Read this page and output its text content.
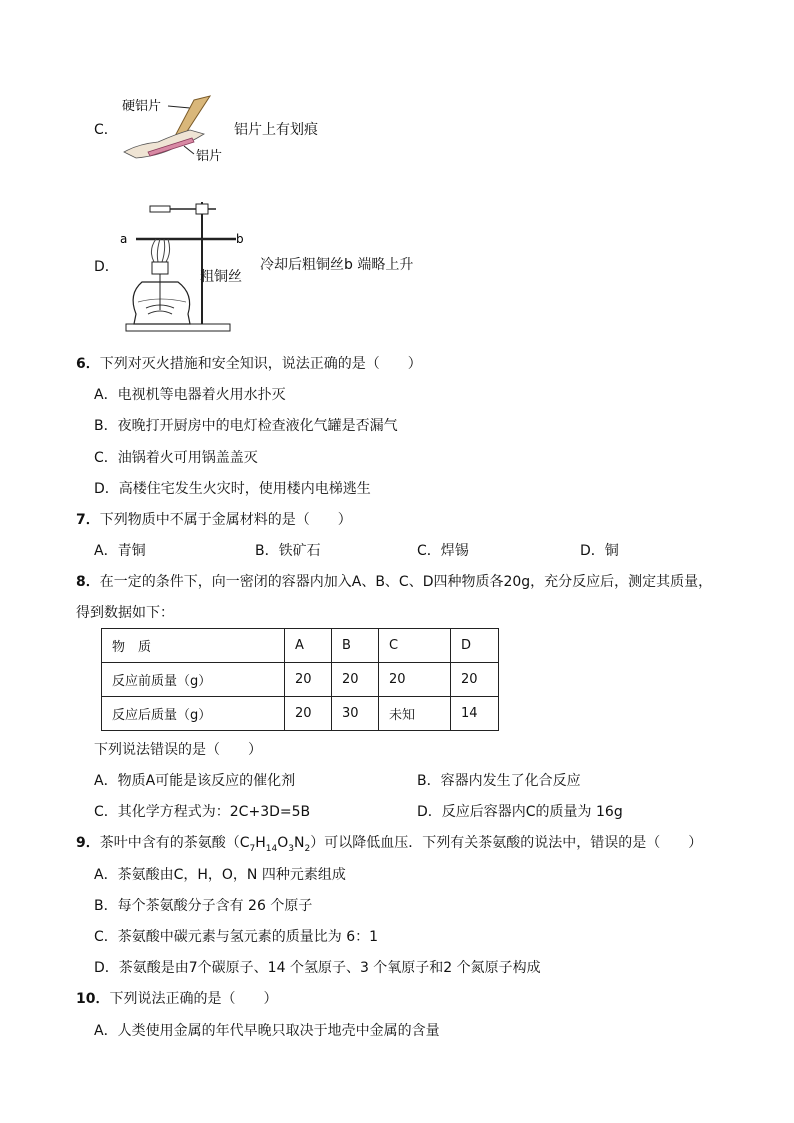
C．
硬铝片
铝片
铝片上有划痕
D．
a	b
粗铜丝
冷却后粗铜丝b 端略上升
6．下列对灭火措施和安全知识，说法正确的是（　　）
A．电视机等电器着火用水扑灭
B．夜晚打开厨房中的电灯检查液化气罐是否漏气
C．油锅着火可用锅盖盖灭
D．高楼住宅发生火灾时，使用楼内电梯逃生
7．下列物质中不属于金属材料的是（　　）
A．青铜	B．铁矿石	C．焊锡	D．铜
8．在一定的条件下，向一密闭的容器内加入A、B、C、D四种物质各20g，充分反应后，测定其质量，
得到数据如下：
物　质	A	B	C	D
反应前质量（g）	20	20	20	20
反应后质量（g）	20	30	未知	14
下列说法错误的是（　　）
A．物质A可能是该反应的催化剂	B．容器内发生了化合反应
C．其化学方程式为：2C+3D=5B	D．反应后容器内C的质量为 16g
9．茶叶中含有的茶氨酸$(C_7H_{14}O_3N_2)$可以降低血压．下列有关茶氨酸的说法中，错误的是（　　）
A．茶氨酸由C，H，O，N 四种元素组成
B．每个茶氨酸分子含有 26 个原子
C．茶氨酸中碳元素与氢元素的质量比为 6：1
D．茶氨酸是由7个碳原子、14 个氢原子、3 个氧原子和2 个氮原子构成
10．下列说法正确的是（　　）
A．人类使用金属的年代早晚只取决于地壳中金属的含量
